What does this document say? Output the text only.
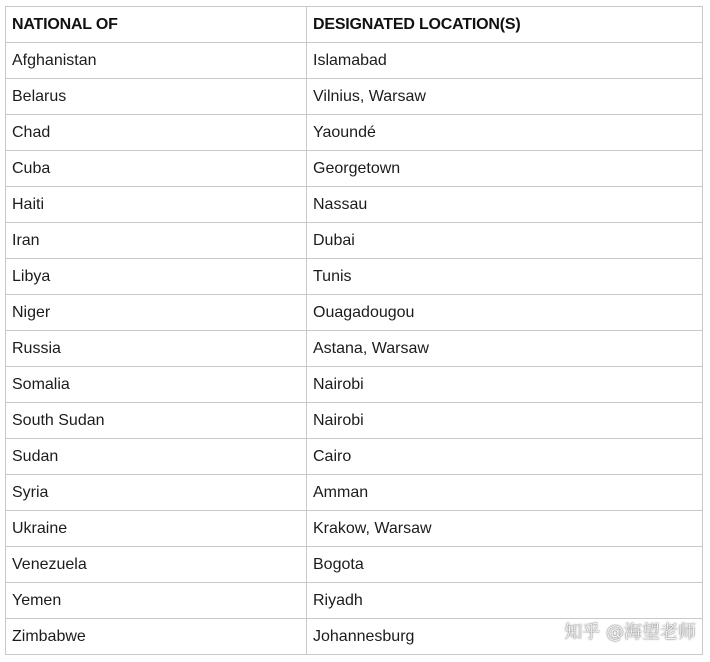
NATIONAL OF	DESIGNATED LOCATION(S)
Afghanistan	Islamabad
Belarus	Vilnius, Warsaw
Chad	Yaoundé
Cuba	Georgetown
Haiti	Nassau
Iran	Dubai
Libya	Tunis
Niger	Ouagadougou
Russia	Astana, Warsaw
Somalia	Nairobi
South Sudan	Nairobi
Sudan	Cairo
Syria	Amman
Ukraine	Krakow, Warsaw
Venezuela	Bogota
Yemen	Riyadh
Zimbabwe	Johannesburg	知乎 @海望老师
